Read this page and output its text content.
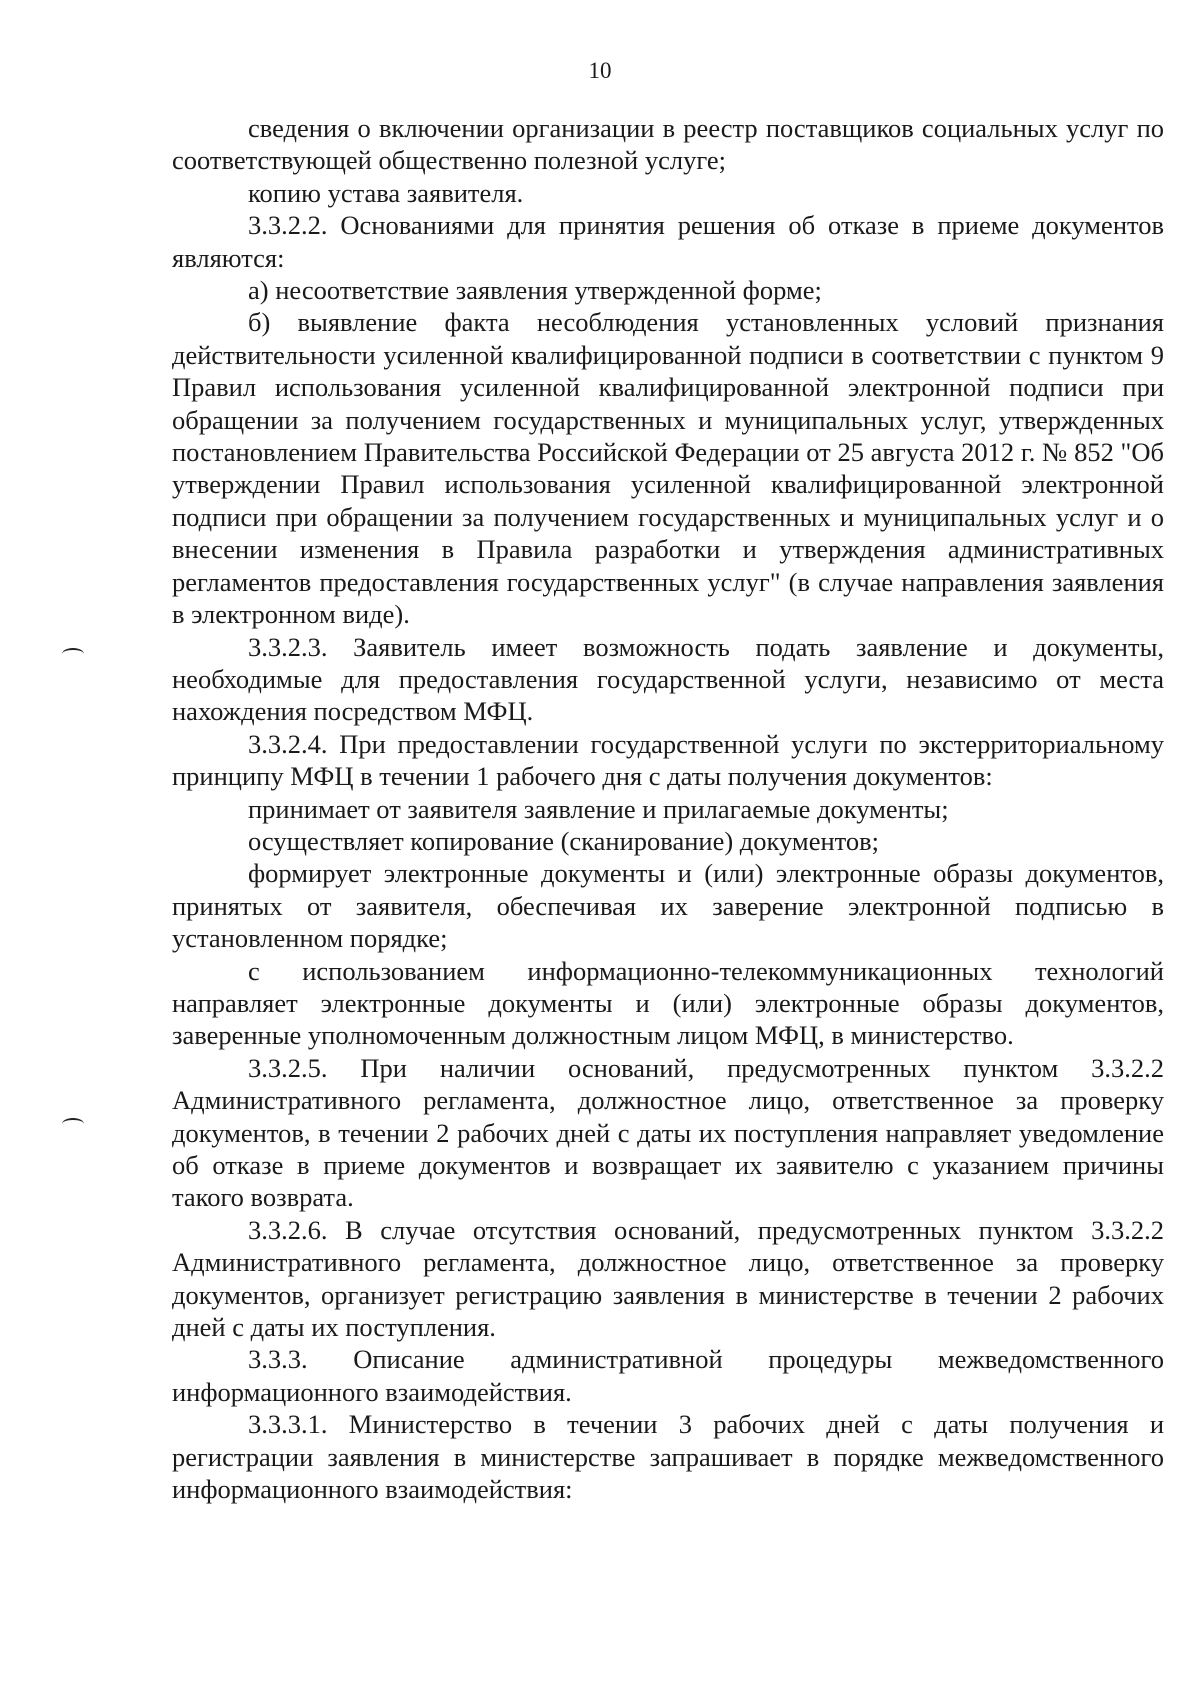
10

сведения о включении организации в реестр поставщиков социальных услуг по соответствующей общественно полезной услуге;

копию устава заявителя.

3.3.2.2. Основаниями для принятия решения об отказе в приеме документов являются:

а) несоответствие заявления утвержденной форме;

б) выявление факта несоблюдения установленных условий признания действительности усиленной квалифицированной подписи в соответствии с пунктом 9 Правил использования усиленной квалифицированной электронной подписи при обращении за получением государственных и муниципальных услуг, утвержденных постановлением Правительства Российской Федерации от 25 августа 2012 г. № 852 "Об утверждении Правил использования усиленной квалифицированной электронной подписи при обращении за получением государственных и муниципальных услуг и о внесении изменения в Правила разработки и утверждения административных регламентов предоставления государственных услуг" (в случае направления заявления в электронном виде).

3.3.2.3. Заявитель имеет возможность подать заявление и документы, необходимые для предоставления государственной услуги, независимо от места нахождения посредством МФЦ.

3.3.2.4. При предоставлении государственной услуги по экстерриториальному принципу МФЦ в течении 1 рабочего дня с даты получения документов:

принимает от заявителя заявление и прилагаемые документы;

осуществляет копирование (сканирование) документов;

формирует электронные документы и (или) электронные образы документов, принятых от заявителя, обеспечивая их заверение электронной подписью в установленном порядке;

с использованием информационно-телекоммуникационных технологий направляет электронные документы и (или) электронные образы документов, заверенные уполномоченным должностным лицом МФЦ, в министерство.

3.3.2.5. При наличии оснований, предусмотренных пунктом 3.3.2.2 Административного регламента, должностное лицо, ответственное за проверку документов, в течении 2 рабочих дней с даты их поступления направляет уведомление об отказе в приеме документов и возвращает их заявителю с указанием причины такого возврата.

3.3.2.6. В случае отсутствия оснований, предусмотренных пунктом 3.3.2.2 Административного регламента, должностное лицо, ответственное за проверку документов, организует регистрацию заявления в министерстве в течении 2 рабочих дней с даты их поступления.

3.3.3. Описание административной процедуры межведомственного информационного взаимодействия.

3.3.3.1. Министерство в течении 3 рабочих дней с даты получения и регистрации заявления в министерстве запрашивает в порядке межведомственного информационного взаимодействия:
